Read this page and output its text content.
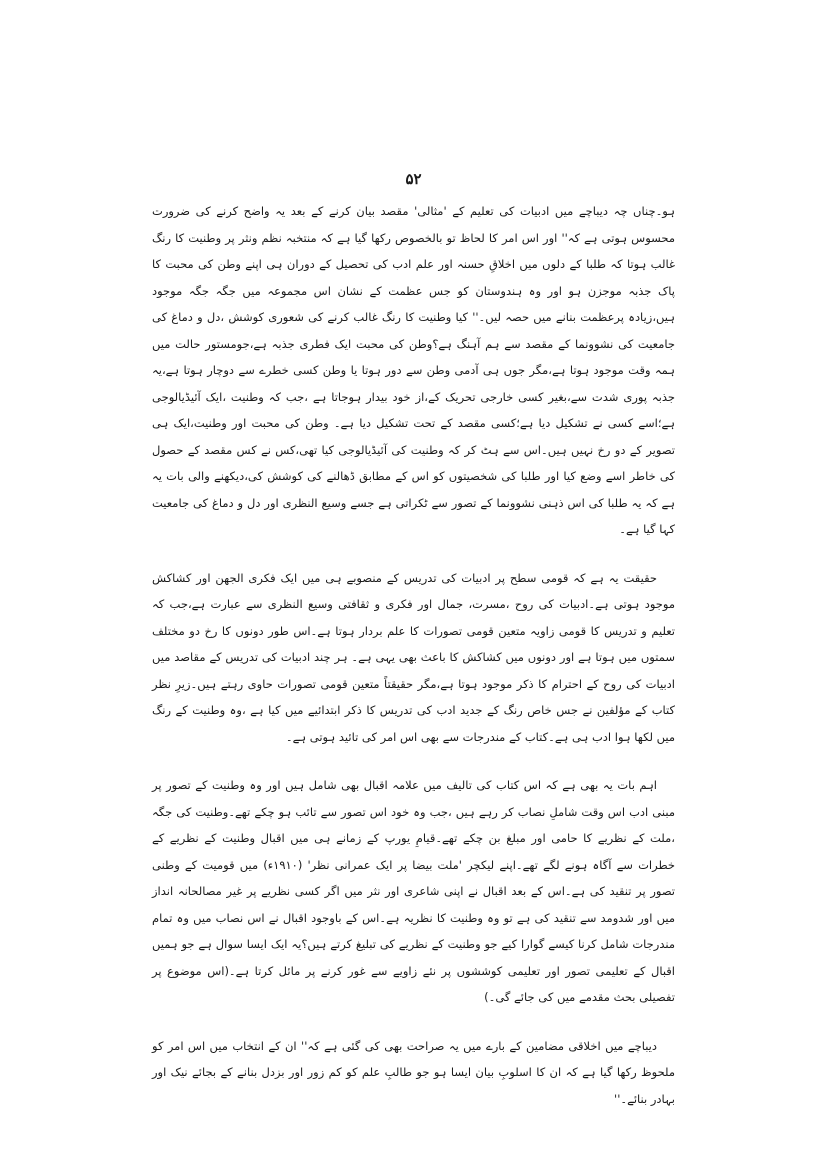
۵۲

ہو۔چناں چہ دیباچے میں ادبیات کی تعلیم کے 'مثالی' مقصد بیان کرنے کے بعد یہ واضح کرنے کی ضرورت محسوس ہوتی ہے کہ'' اور اس امر کا لحاظ تو بالخصوص رکھا گیا ہے کہ منتخبہ نظم ونثر پر وطنیت کا رنگ غالب ہوتا کہ طلبا کے دلوں میں اخلاقِ حسنہ اور علم ادب کی تحصیل کے دوران ہی اپنے وطن کی محبت کا پاک جذبہ موجزن ہو اور وہ ہندوستان کو جس عظمت کے نشان اس مجموعہ میں جگہ جگہ موجود ہیں،زیادہ پرعظمت بنانے میں حصہ لیں۔'' کیا وطنیت کا رنگ غالب کرنے کی شعوری کوشش ،دل و دماغ کی جامعیت کی نشوونما کے مقصد سے ہم آہنگ ہے؟وطن کی محبت ایک فطری جذبہ ہے،جومستور حالت میں ہمہ وقت موجود ہوتا ہے،مگر جوں ہی آدمی وطن سے دور ہوتا یا وطن کسی خطرے سے دوچار ہوتا ہے،یہ جذبہ پوری شدت سے،بغیر کسی خارجی تحریک کے،از خود بیدار ہوجاتا ہے ،جب کہ وطنیت ،ایک آئیڈیالوجی ہے؛اسے کسی نے تشکیل دیا ہے؛کسی مقصد کے تحت تشکیل دیا ہے۔ وطن کی محبت اور وطنیت،ایک ہی تصویر کے دو رخ نہیں ہیں۔اس سے ہٹ کر کہ وطنیت کی آئیڈیالوجی کیا تھی،کس نے کس مقصد کے حصول کی خاطر اسے وضع کیا اور طلبا کی شخصیتوں کو اس کے مطابق ڈھالنے کی کوشش کی،دیکھنے والی بات یہ ہے کہ یہ طلبا کی اس ذہنی نشوونما کے تصور سے ٹکراتی ہے جسے وسیع النظری اور دل و دماغ کی جامعیت کہا گیا ہے۔

حقیقت یہ ہے کہ قومی سطح پر ادبیات کی تدریس کے منصوبے ہی میں ایک فکری الجھن اور کشاکش موجود ہوتی ہے۔ادبیات کی روح ،مسرت، جمال اور فکری و ثقافتی وسیع النظری سے عبارت ہے،جب کہ تعلیم و تدریس کا قومی زاویہ متعین قومی تصورات کا علم بردار ہوتا ہے۔اس طور دونوں کا رخ دو مختلف سمتوں میں ہوتا ہے اور دونوں میں کشاکش کا باعث بھی یہی ہے۔ ہر چند ادبیات کی تدریس کے مقاصد میں ادبیات کی روح کے احترام کا ذکر موجود ہوتا ہے،مگر حقیقتاً متعین قومی تصورات حاوی رہتے ہیں۔زیرِ نظر کتاب کے مؤلفین نے جس خاص رنگ کے جدید ادب کی تدریس کا ذکر ابتدائیے میں کیا ہے ،وہ وطنیت کے رنگ میں لکھا ہوا ادب ہی ہے۔کتاب کے مندرجات سے بھی اس امر کی تائید ہوتی ہے۔

اہم بات یہ بھی ہے کہ اس کتاب کی تالیف میں علامہ اقبال بھی شامل ہیں اور وہ وطنیت کے تصور پر مبنی ادب اس وقت شاملِ نصاب کر رہے ہیں ،جب وہ خود اس تصور سے تائب ہو چکے تھے۔وطنیت کی جگہ ،ملت کے نظریے کا حامی اور مبلغ بن چکے تھے۔قیامِ یورپ کے زمانے ہی میں اقبال وطنیت کے نظریے کے خطرات سے آگاہ ہونے لگے تھے۔اپنے لیکچر 'ملت بیضا پر ایک عمرانی نظر' (۱۹۱۰ء) میں قومیت کے وطنی تصور پر تنقید کی ہے۔اس کے بعد اقبال نے اپنی شاعری اور نثر میں اگر کسی نظریے پر غیر مصالحانہ انداز میں اور شدومد سے تنقید کی ہے تو وہ وطنیت کا نظریہ ہے۔اس کے باوجود اقبال نے اس نصاب میں وہ تمام مندرجات شامل کرنا کیسے گوارا کیے جو وطنیت کے نظریے کی تبلیغ کرتے ہیں؟یہ ایک ایسا سوال ہے جو ہمیں اقبال کے تعلیمی تصور اور تعلیمی کوششوں پر نئے زاویے سے غور کرنے پر مائل کرتا ہے۔(اس موضوع پر تفصیلی بحث مقدمے میں کی جائے گی۔)

دیباچے میں اخلاقی مضامین کے بارے میں یہ صراحت بھی کی گئی ہے کہ'' ان کے انتخاب میں اس امر کو ملحوظ رکھا گیا ہے کہ ان کا اسلوبِ بیان ایسا ہو جو طالبِ علم کو کم زور اور بزدل بنانے کے بجائے نیک اور بہادر بنائے۔''
